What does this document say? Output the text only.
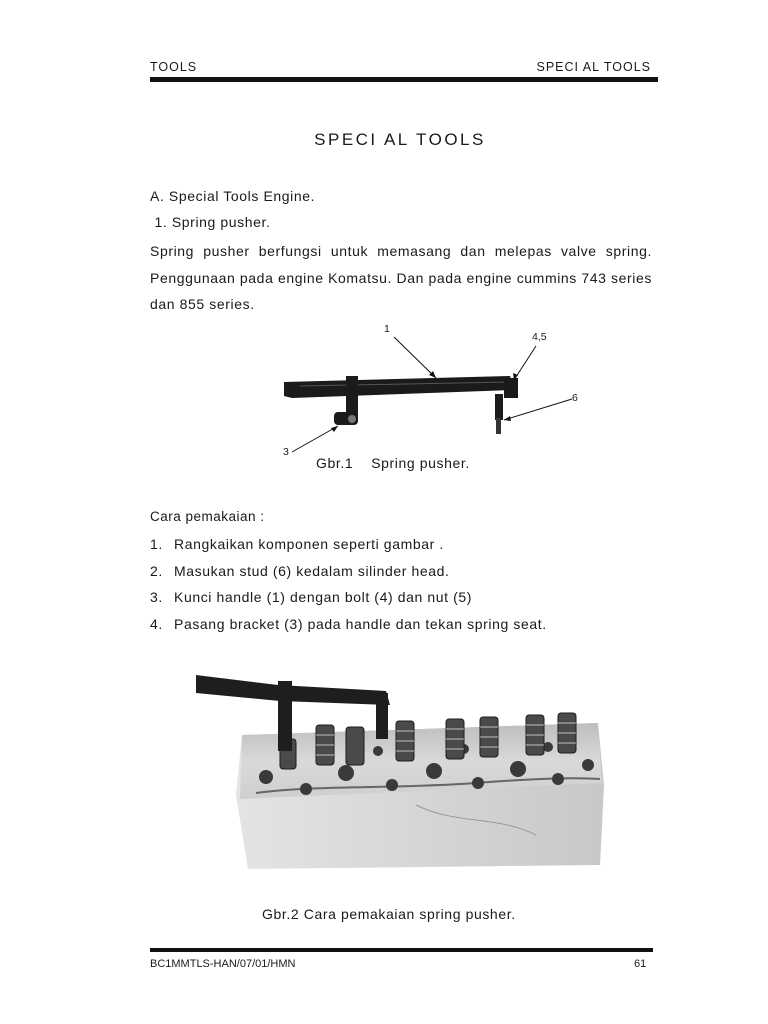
TOOLS	SPECI AL TOOLS
SPECI AL TOOLS
A. Special Tools Engine.
1. Spring pusher.
Spring pusher berfungsi untuk memasang dan melepas valve spring. Penggunaan pada engine Komatsu. Dan pada engine cummins 743 series dan 855 series.
1
4,5
6
3
Gbr.1    Spring pusher.
Cara pemakaian :
1. Rangkaikan komponen seperti gambar .
2. Masukan stud (6) kedalam silinder head.
3. Kunci handle (1) dengan bolt (4) dan nut (5)
4. Pasang bracket (3) pada handle dan tekan spring seat.
Gbr.2 Cara pemakaian spring pusher.
BC1MMTLS-HAN/07/01/HMN	61
